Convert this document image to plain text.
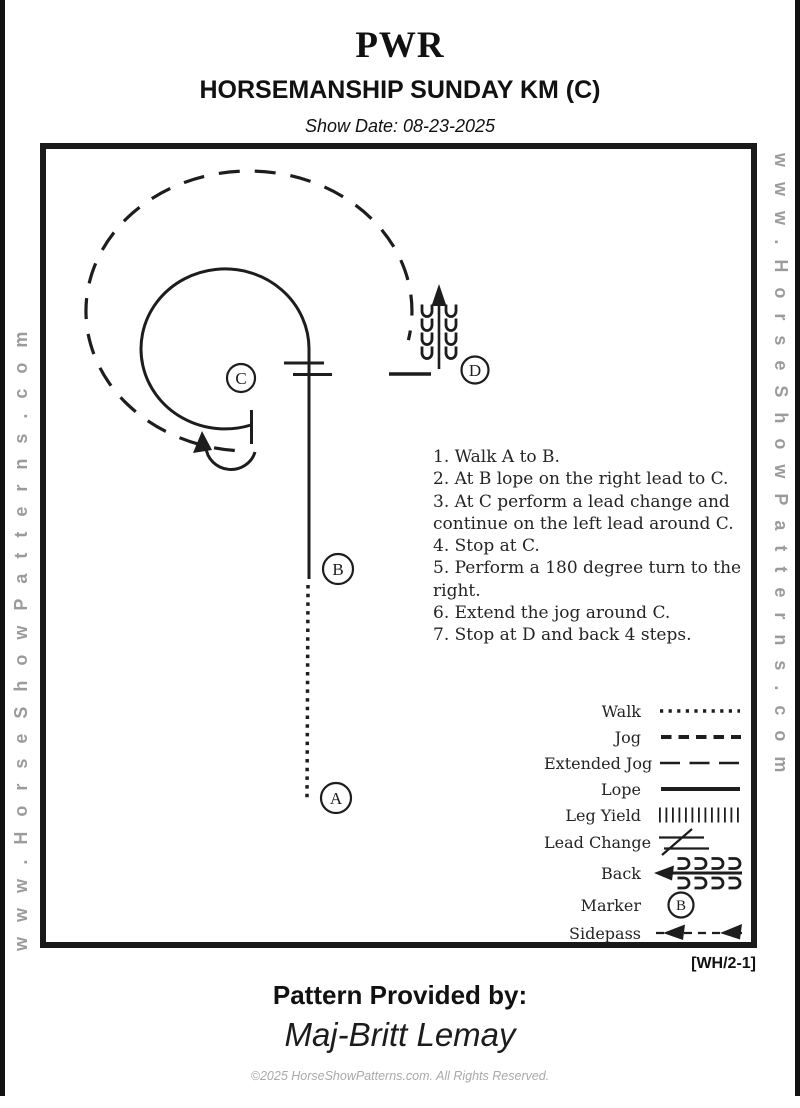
www.HorseShowPatterns.com	www.HorseShowPatterns.com
PWR
HORSEMANSHIP SUNDAY KM (C)
Show Date: 08-23-2025
C
B
A
D
1. Walk A to B.
2. At B lope on the right lead to C.
3. At C perform a lead change and
continue on the left lead around C.
4. Stop at C.
5. Perform a 180 degree turn to the
right.
6. Extend the jog around C.
7. Stop at D and back 4 steps.
Walk
Jog
Extended Jog
Lope
Leg Yield
Lead Change
Back
Marker	B
Sidepass
[WH/2-1]
Pattern Provided by:
Maj-Britt Lemay
©2025 HorseShowPatterns.com. All Rights Reserved.
